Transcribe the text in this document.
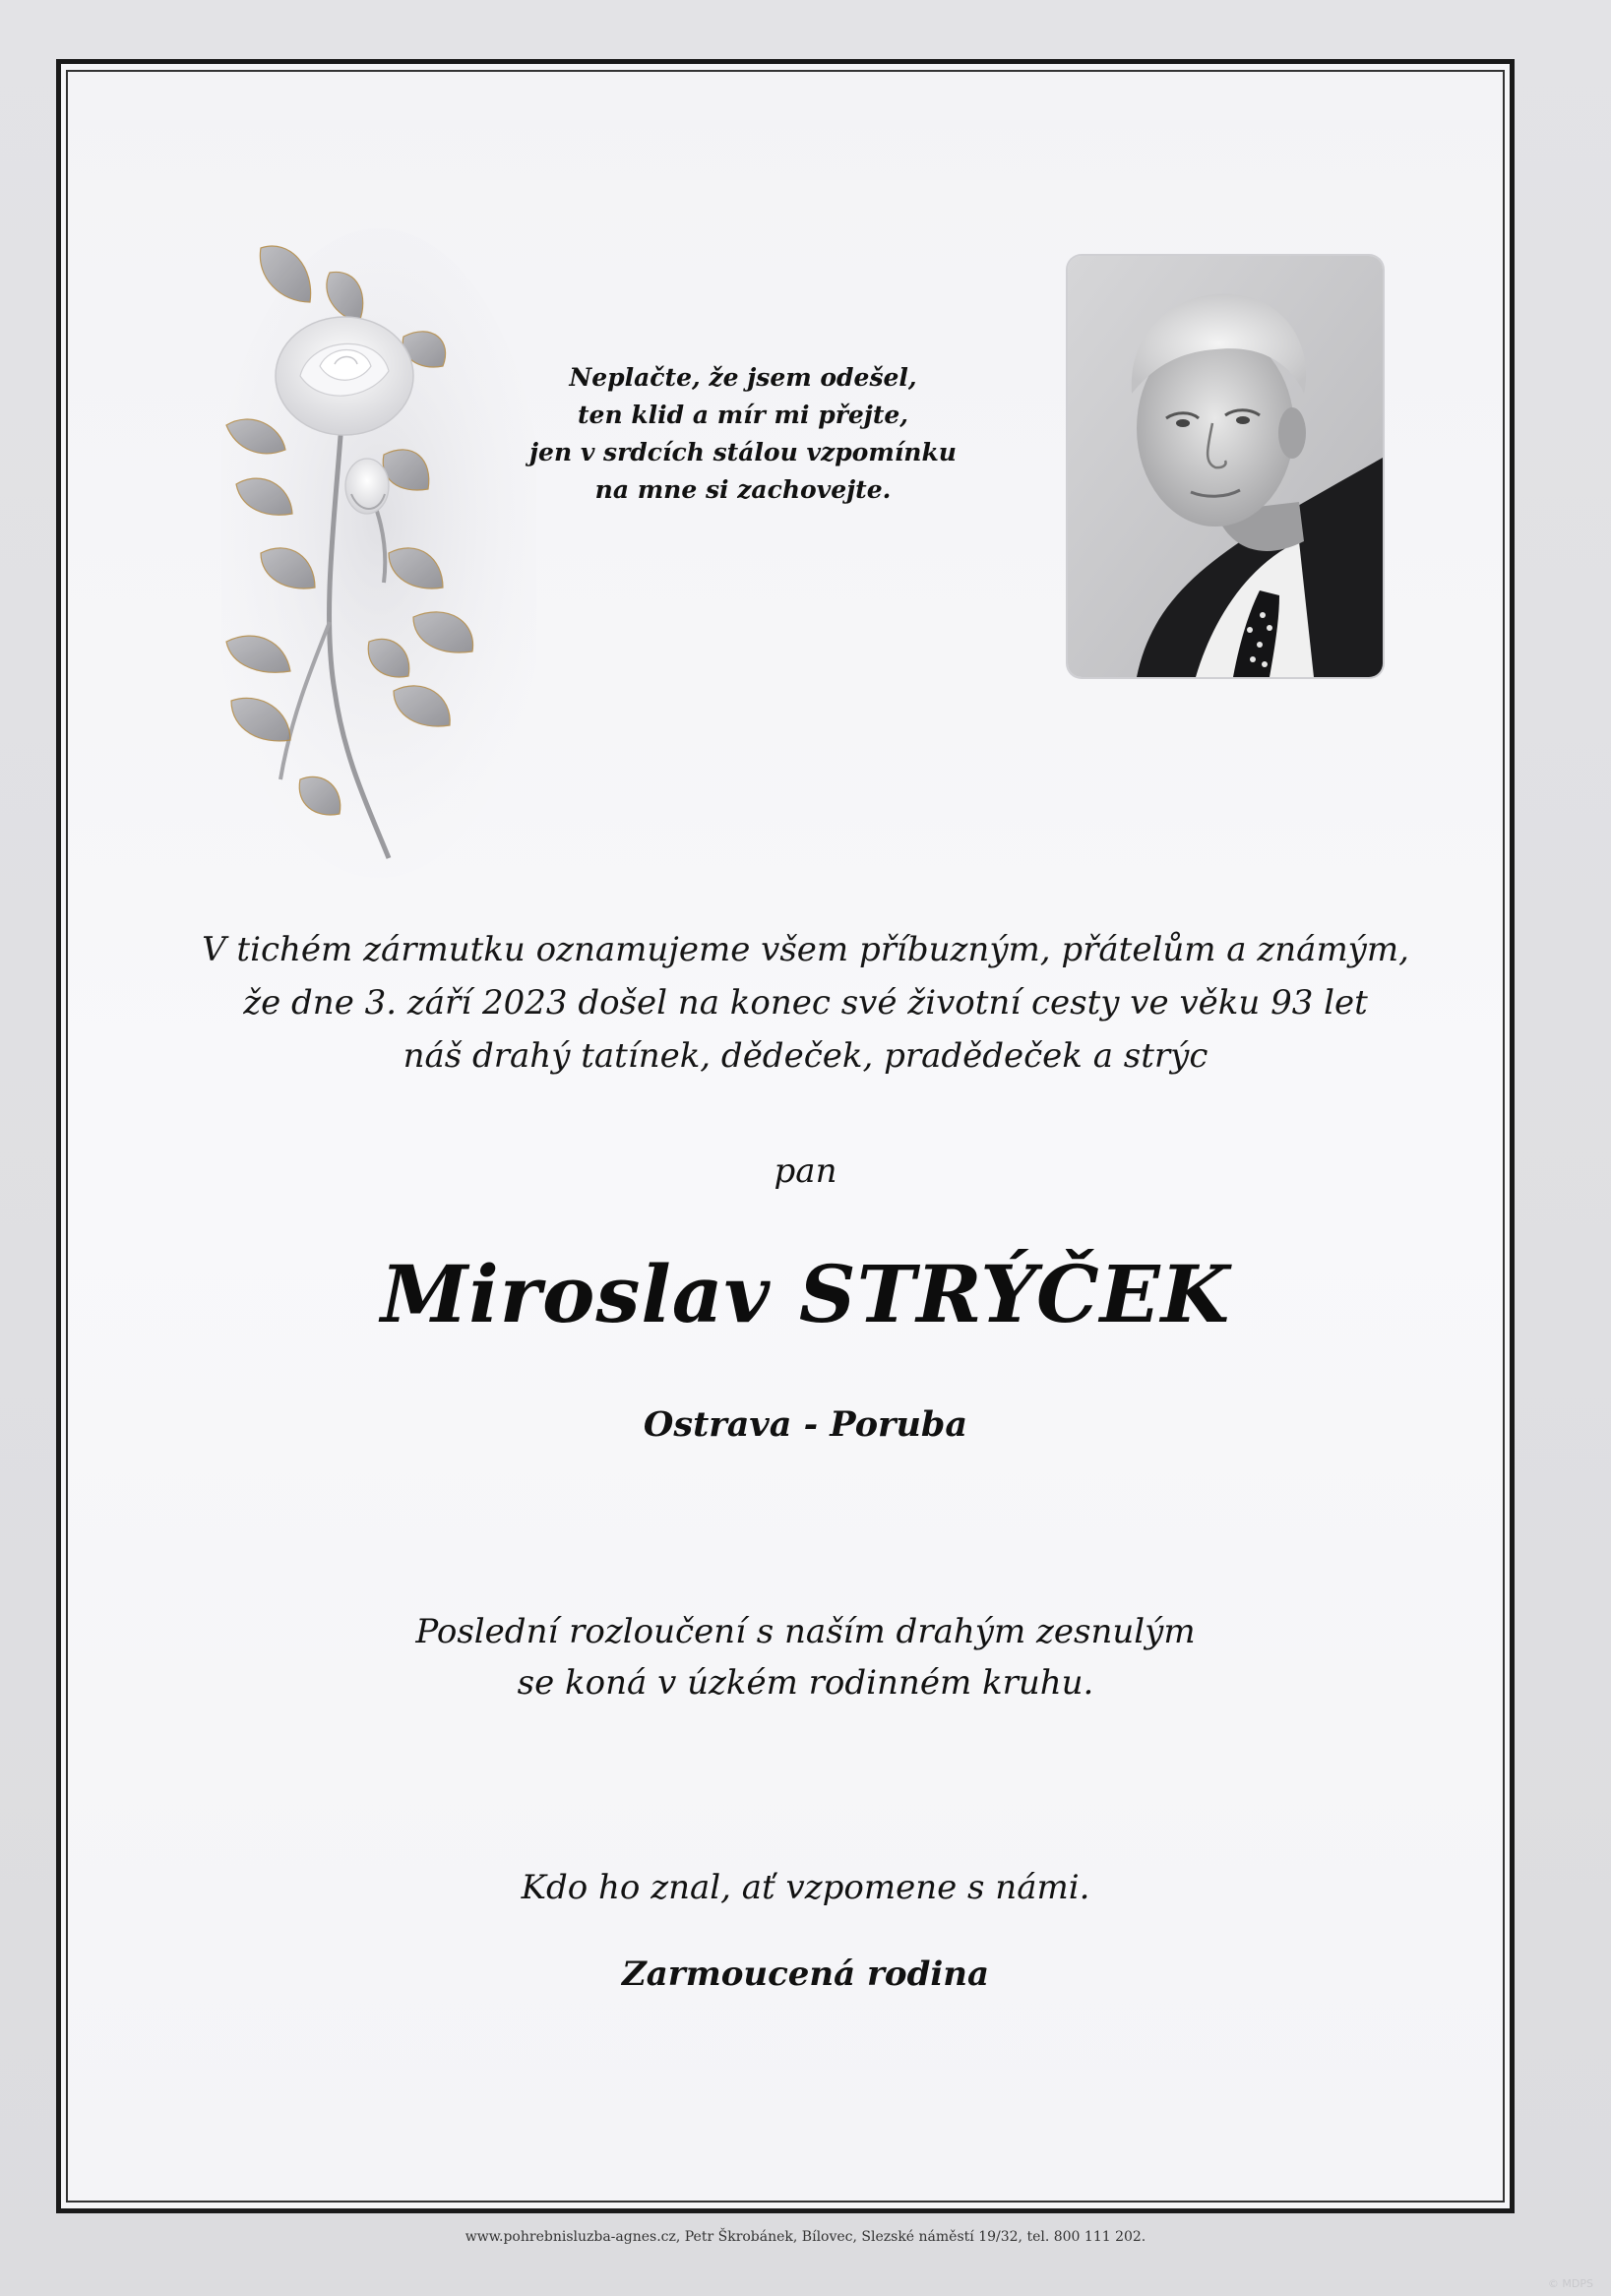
Neplačte, že jsem odešel,
ten klid a mír mi přejte,
jen v srdcích stálou vzpomínku
na mne si zachovejte.
V tichém zármutku oznamujeme všem příbuzným, přátelům a známým,
že dne 3. září 2023 došel na konec své životní cesty ve věku 93 let
náš drahý tatínek, dědeček, pradědeček a strýc
pan
Miroslav STRÝČEK
Ostrava - Poruba
Poslední rozloučení s naším drahým zesnulým
se koná v úzkém rodinném kruhu.
Kdo ho znal, ať vzpomene s námi.
Zarmoucená rodina
www.pohrebnisluzba-agnes.cz, Petr Škrobánek, Bílovec, Slezské náměstí 19/32, tel. 800 111 202.
© MDPS
